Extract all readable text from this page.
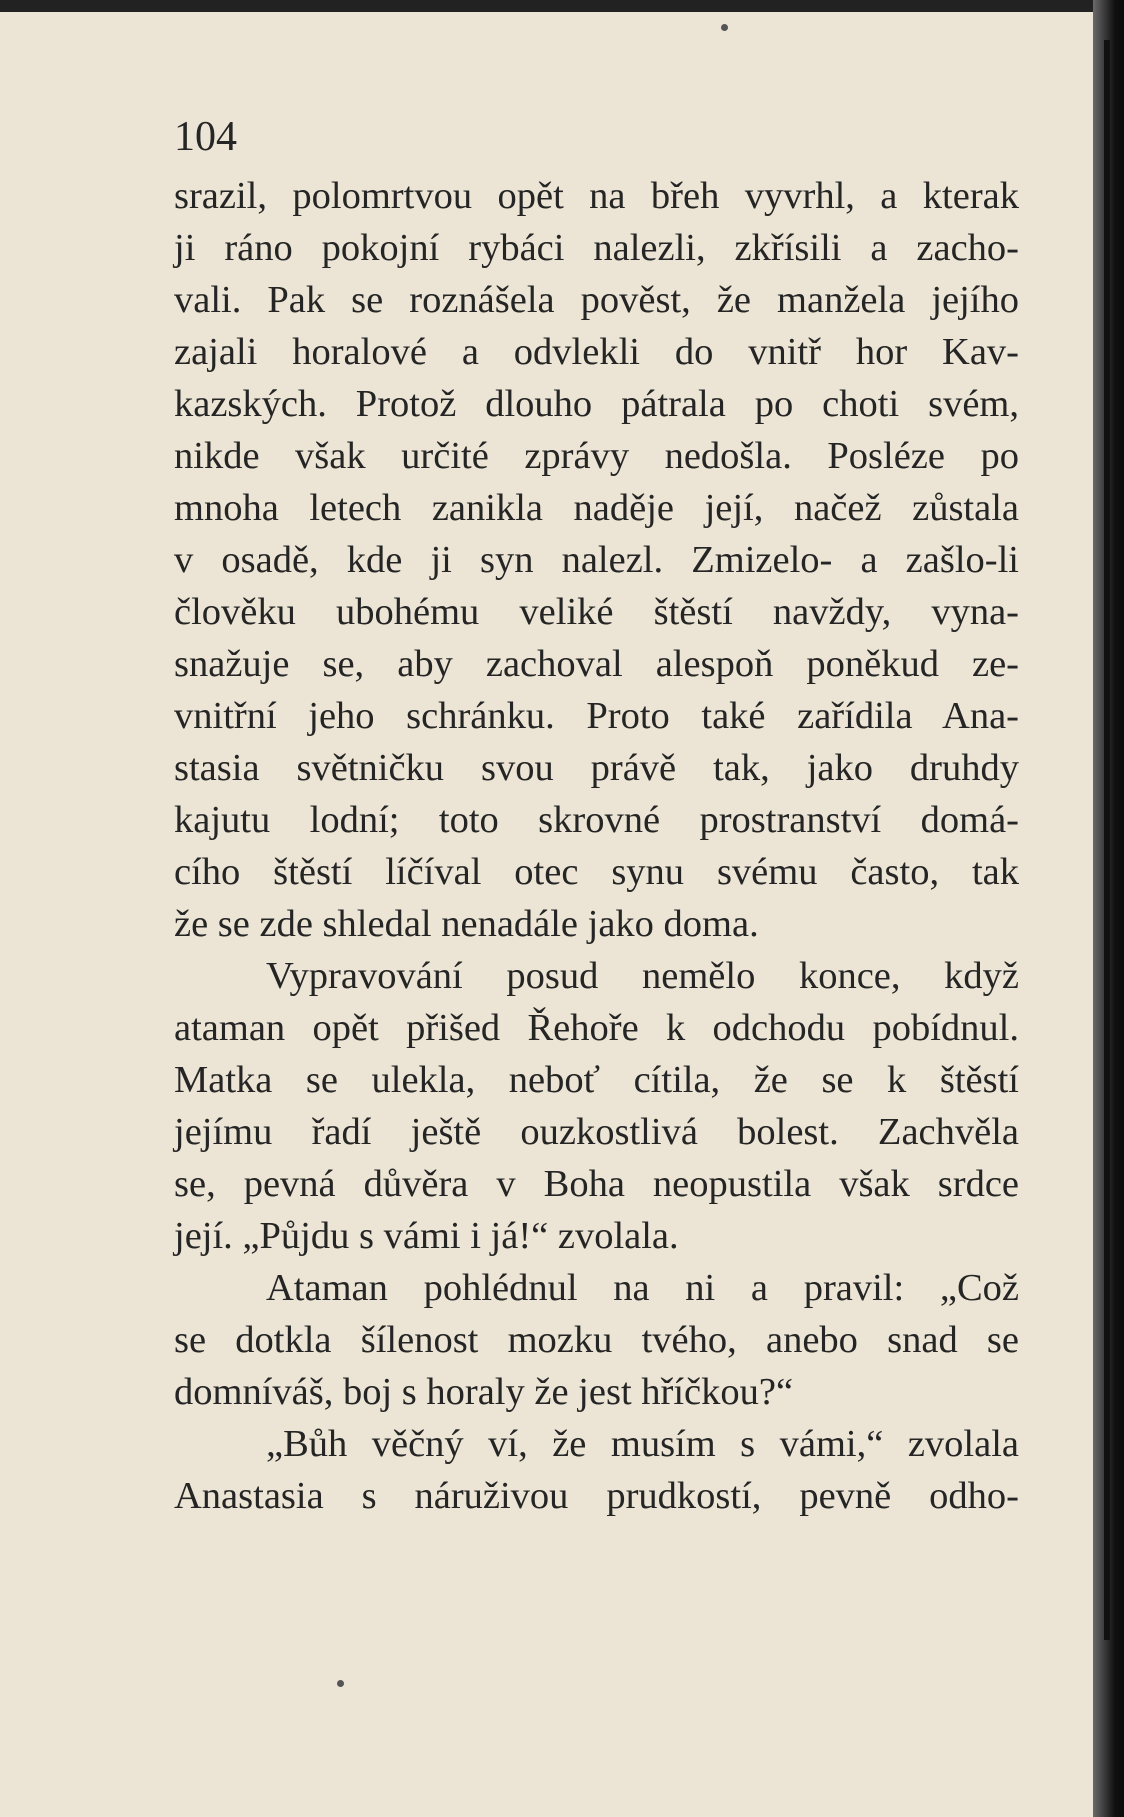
104
srazil, polomrtvou opět na břeh vyvrhl, a kterak
ji ráno pokojní rybáci nalezli, zkřísili a zacho-
vali. Pak se roznášela pověst, že manžela jejího
zajali horalové a odvlekli do vnitř hor Kav-
kazských. Protož dlouho pátrala po choti svém,
nikde však určité zprávy nedošla. Posléze po
mnoha letech zanikla naděje její, načež zůstala
v osadě, kde ji syn nalezl. Zmizelo- a zašlo-li
člověku ubohému veliké štěstí navždy, vyna-
snažuje se, aby zachoval alespoň poněkud ze-
vnitřní jeho schránku. Proto také zařídila Ana-
stasia světničku svou právě tak, jako druhdy
kajutu lodní; toto skrovné prostranství domá-
cího štěstí líčíval otec synu svému často, tak
že se zde shledal nenadále jako doma.
Vypravování posud nemělo konce, když
ataman opět přišed Řehoře k odchodu pobídnul.
Matka se ulekla, neboť cítila, že se k štěstí
jejímu řadí ještě ouzkostlivá bolest. Zachvěla
se, pevná důvěra v Boha neopustila však srdce
její. „Půjdu s vámi i já!“ zvolala.
Ataman pohlédnul na ni a pravil: „Což
se dotkla šílenost mozku tvého, anebo snad se
domníváš, boj s horaly že jest hříčkou?“
„Bůh věčný ví, že musím s vámi,“ zvolala
Anastasia s náruživou prudkostí, pevně odho-
